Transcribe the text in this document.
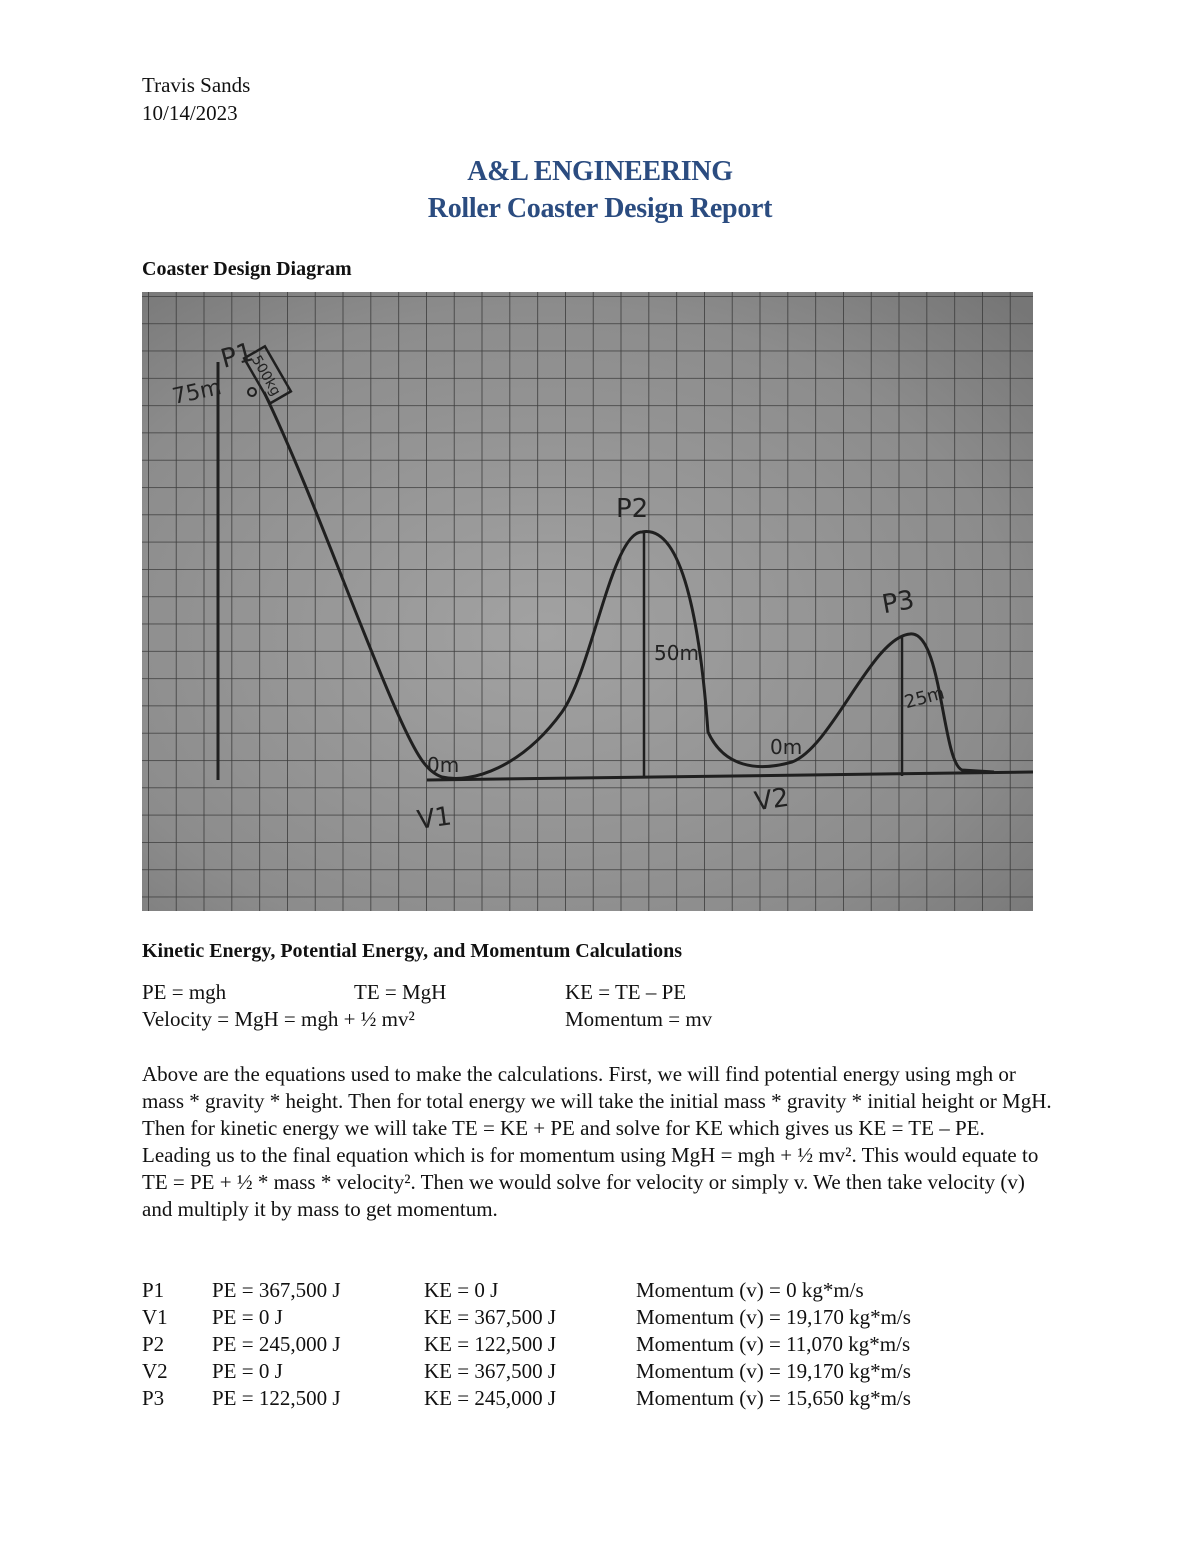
Travis Sands
10/14/2023
A&L ENGINEERING
Roller Coaster Design Report
Coaster Design Diagram
500kg
P1
75m
0m
V1
P2
50m
0m
V2
P3
25m
Kinetic Energy, Potential Energy, and Momentum Calculations
PE = mgh	TE = MgH	KE = TE – PE
Velocity = MgH = mgh + ½ mv²	Momentum = mv
Above are the equations used to make the calculations. First, we will find potential energy using mgh or mass * gravity * height. Then for total energy we will take the initial mass * gravity * initial height or MgH. Then for kinetic energy we will take TE = KE + PE and solve for KE which gives us KE = TE – PE. Leading us to the final equation which is for momentum using MgH = mgh + ½ mv². This would equate to TE = PE + ½ * mass * velocity². Then we would solve for velocity or simply v. We then take velocity (v) and multiply it by mass to get momentum.
P1 PE = 367,500 J	KE = 0 J	Momentum (v) = 0 kg*m/s
V1 PE = 0 J	KE = 367,500 J	Momentum (v) = 19,170 kg*m/s
P2 PE = 245,000 J	KE = 122,500 J	Momentum (v) = 11,070 kg*m/s
V2 PE = 0 J	KE = 367,500 J	Momentum (v) = 19,170 kg*m/s
P3 PE = 122,500 J	KE = 245,000 J	Momentum (v) = 15,650 kg*m/s
